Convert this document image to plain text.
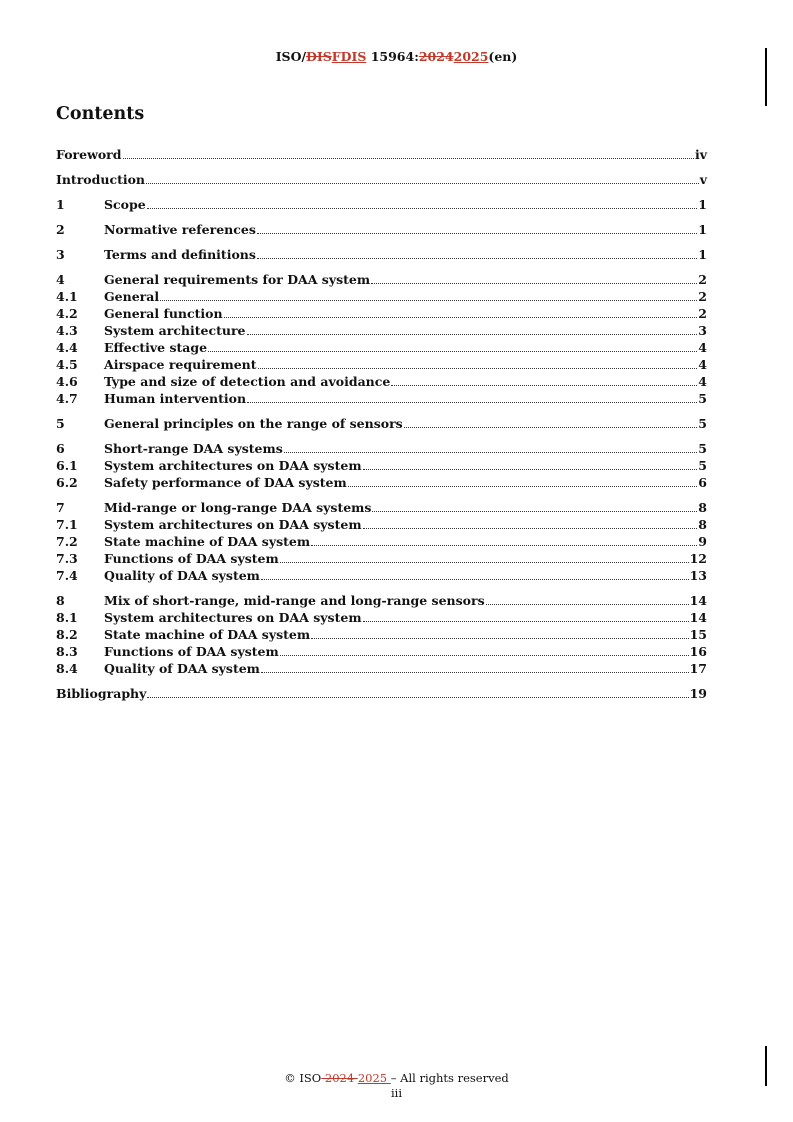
ISO/DISFDIS 15964:20242025(en)
Contents
Foreword	iv
Introduction	v
1	Scope	1
2	Normative references	1
3	Terms and definitions	1
4	General requirements for DAA system	2
4.1	General	2
4.2	General function	2
4.3	System architecture	3
4.4	Effective stage	4
4.5	Airspace requirement	4
4.6	Type and size of detection and avoidance	4
4.7	Human intervention	5
5	General principles on the range of sensors	5
6	Short-range DAA systems	5
6.1	System architectures on DAA system	5
6.2	Safety performance of DAA system	6
7	Mid-range or long-range DAA systems	8
7.1	System architectures on DAA system	8
7.2	State machine of DAA system	9
7.3	Functions of DAA system	12
7.4	Quality of DAA system	13
8	Mix of short-range, mid-range and long-range sensors	14
8.1	System architectures on DAA system	14
8.2	State machine of DAA system	15
8.3	Functions of DAA system	16
8.4	Quality of DAA system	17
Bibliography	19
© ISO 2024 2025 – All rights reserved
iii
